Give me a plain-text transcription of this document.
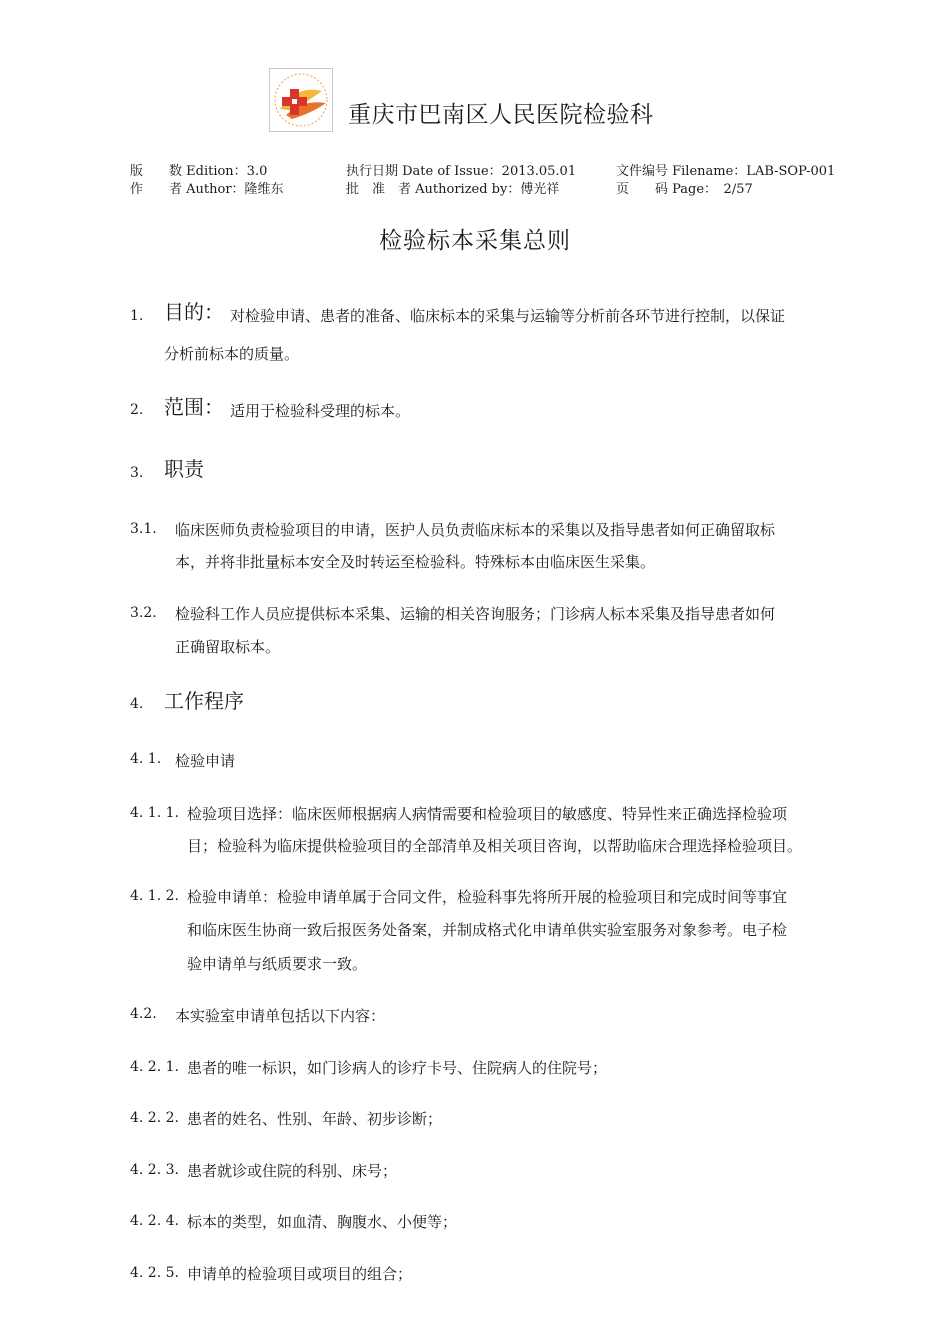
重庆市巴南区人民医院检验科
版　　数 Edition：3.0	执行日期 Date of Issue：2013.05.01	文件编号 Filename：LAB-SOP-001
作　　者 Author：隆维东	批　准　者 Authorized by：傅光祥	页　　码 Page：　2/57
检验标本采集总则
1. 目的： 对检验申请、患者的准备、临床标本的采集与运输等分析前各环节进行控制，以保证
分析前标本的质量。
2. 范围： 适用于检验科受理的标本。
3. 职责
3.1. 临床医师负责检验项目的申请，医护人员负责临床标本的采集以及指导患者如何正确留取标
本，并将非批量标本安全及时转运至检验科。特殊标本由临床医生采集。
3.2. 检验科工作人员应提供标本采集、运输的相关咨询服务；门诊病人标本采集及指导患者如何
正确留取标本。
4. 工作程序
4. 1. 检验申请
4. 1. 1. 检验项目选择：临床医师根据病人病情需要和检验项目的敏感度、特异性来正确选择检验项
目；检验科为临床提供检验项目的全部清单及相关项目咨询，以帮助临床合理选择检验项目。
4. 1. 2. 检验申请单：检验申请单属于合同文件，检验科事先将所开展的检验项目和完成时间等事宜
和临床医生协商一致后报医务处备案，并制成格式化申请单供实验室服务对象参考。电子检
验申请单与纸质要求一致。
4.2. 本实验室申请单包括以下内容：
4. 2. 1. 患者的唯一标识，如门诊病人的诊疗卡号、住院病人的住院号；
4. 2. 2. 患者的姓名、性别、年龄、初步诊断；
4. 2. 3. 患者就诊或住院的科别、床号；
4. 2. 4. 标本的类型，如血清、胸腹水、小便等；
4. 2. 5. 申请单的检验项目或项目的组合；
